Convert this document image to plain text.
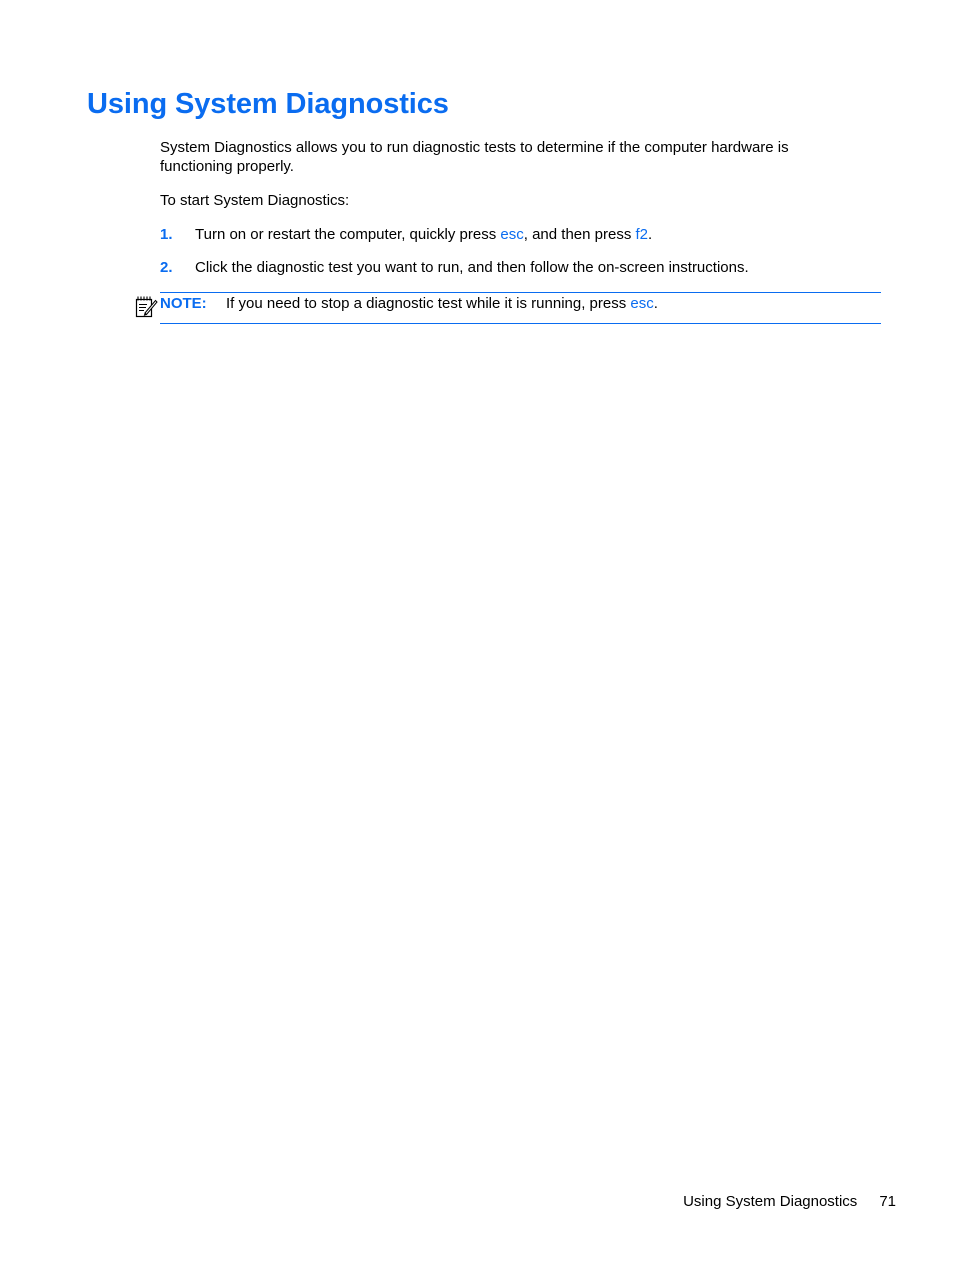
Using System Diagnostics

System Diagnostics allows you to run diagnostic tests to determine if the computer hardware is functioning properly.

To start System Diagnostics:

1. Turn on or restart the computer, quickly press esc, and then press f2.
2. Click the diagnostic test you want to run, and then follow the on-screen instructions.
NOTE: If you need to stop a diagnostic test while it is running, press esc.
Using System Diagnostics 71
